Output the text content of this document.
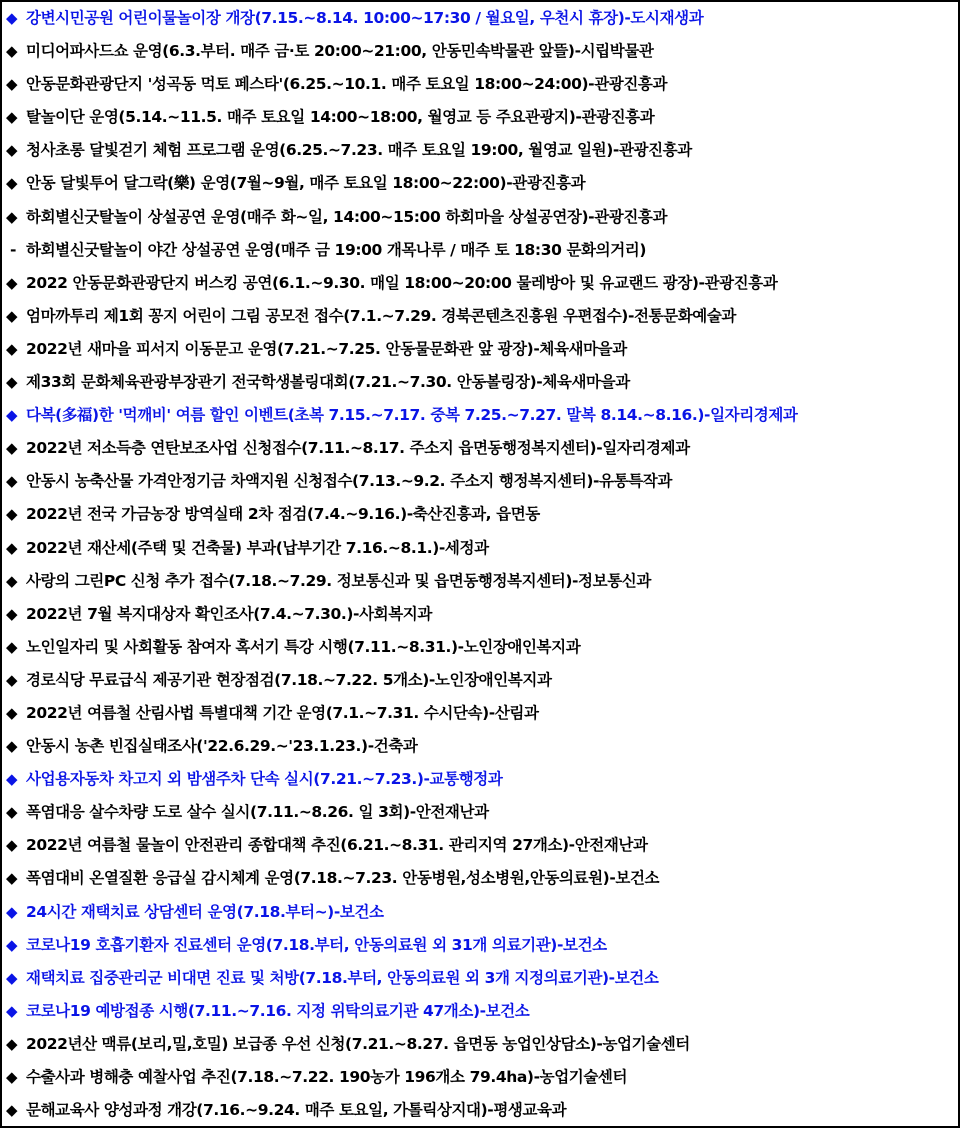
◆ 강변시민공원 어린이물놀이장 개장(7.15.~8.14. 10:00~17:30 / 월요일, 우천시 휴장)-도시재생과
◆ 미디어파사드쇼 운영(6.3.부터. 매주 금·토 20:00~21:00, 안동민속박물관 앞뜰)-시립박물관
◆ 안동문화관광단지 '성곡동 먹토 페스타'(6.25.~10.1. 매주 토요일 18:00~24:00)-관광진흥과
◆ 탈놀이단 운영(5.14.~11.5. 매주 토요일 14:00~18:00, 월영교 등 주요관광지)-관광진흥과
◆ 청사초롱 달빛걷기 체험 프로그램 운영(6.25.~7.23. 매주 토요일 19:00, 월영교 일원)-관광진흥과
◆ 안동 달빛투어 달그락(樂) 운영(7월~9월, 매주 토요일 18:00~22:00)-관광진흥과
◆ 하회별신굿탈놀이 상설공연 운영(매주 화~일, 14:00~15:00 하회마을 상설공연장)-관광진흥과
- 하회별신굿탈놀이 야간 상설공연 운영(매주 금 19:00 개목나루 / 매주 토 18:30 문화의거리)
◆ 2022 안동문화관광단지 버스킹 공연(6.1.~9.30. 매일 18:00~20:00 물레방아 및 유교랜드 광장)-관광진흥과
◆ 엄마까투리 제1회 꽁지 어린이 그림 공모전 접수(7.1.~7.29. 경북콘텐츠진흥원 우편접수)-전통문화예술과
◆ 2022년 새마을 피서지 이동문고 운영(7.21.~7.25. 안동물문화관 앞 광장)-체육새마을과
◆ 제33회 문화체육관광부장관기 전국학생볼링대회(7.21.~7.30. 안동볼링장)-체육새마을과
◆ 다복(多福)한 '먹깨비' 여름 할인 이벤트(초복 7.15.~7.17. 중복 7.25.~7.27. 말복 8.14.~8.16.)-일자리경제과
◆ 2022년 저소득층 연탄보조사업 신청접수(7.11.~8.17. 주소지 읍면동행정복지센터)-일자리경제과
◆ 안동시 농축산물 가격안정기금 차액지원 신청접수(7.13.~9.2. 주소지 행정복지센터)-유통특작과
◆ 2022년 전국 가금농장 방역실태 2차 점검(7.4.~9.16.)-축산진흥과, 읍면동
◆ 2022년 재산세(주택 및 건축물) 부과(납부기간 7.16.~8.1.)-세정과
◆ 사랑의 그린PC 신청 추가 접수(7.18.~7.29. 정보통신과 및 읍면동행정복지센터)-정보통신과
◆ 2022년 7월 복지대상자 확인조사(7.4.~7.30.)-사회복지과
◆ 노인일자리 및 사회활동 참여자 혹서기 특강 시행(7.11.~8.31.)-노인장애인복지과
◆ 경로식당 무료급식 제공기관 현장점검(7.18.~7.22. 5개소)-노인장애인복지과
◆ 2022년 여름철 산림사법 특별대책 기간 운영(7.1.~7.31. 수시단속)-산림과
◆ 안동시 농촌 빈집실태조사('22.6.29.~'23.1.23.)-건축과
◆ 사업용자동차 차고지 외 밤샘주차 단속 실시(7.21.~7.23.)-교통행정과
◆ 폭염대응 살수차량 도로 살수 실시(7.11.~8.26. 일 3회)-안전재난과
◆ 2022년 여름철 물놀이 안전관리 종합대책 추진(6.21.~8.31. 관리지역 27개소)-안전재난과
◆ 폭염대비 온열질환 응급실 감시체계 운영(7.18.~7.23. 안동병원,성소병원,안동의료원)-보건소
◆ 24시간 재택치료 상담센터 운영(7.18.부터~)-보건소
◆ 코로나19 호흡기환자 진료센터 운영(7.18.부터, 안동의료원 외 31개 의료기관)-보건소
◆ 재택치료 집중관리군 비대면 진료 및 처방(7.18.부터, 안동의료원 외 3개 지정의료기관)-보건소
◆ 코로나19 예방접종 시행(7.11.~7.16. 지정 위탁의료기관 47개소)-보건소
◆ 2022년산 맥류(보리,밀,호밀) 보급종 우선 신청(7.21.~8.27. 읍면동 농업인상담소)-농업기술센터
◆ 수출사과 병해충 예찰사업 추진(7.18.~7.22. 190농가 196개소 79.4ha)-농업기술센터
◆ 문해교육사 양성과정 개강(7.16.~9.24. 매주 토요일, 가톨릭상지대)-평생교육과
